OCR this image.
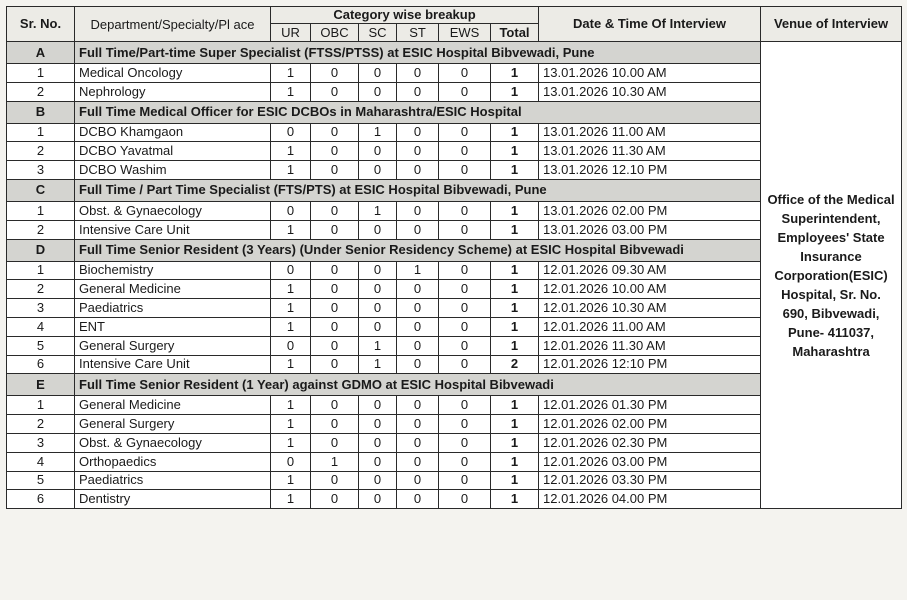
Sr. No.	Department/Specialty/Pl ace	Category wise breakup						Date & Time Of Interview	Venue of Interview
		UR	OBC	SC	ST	EWS	Total		
A	Full Time/Part-time Super Specialist (FTSS/PTSS) at ESIC Hospital Bibvewadi, Pune								Office of the Medical Superintendent, Employees' State Insurance Corporation(ESIC) Hospital, Sr. No. 690, Bibvewadi, Pune- 411037, Maharashtra
1	Medical Oncology	1	0	0	0	0	1	13.01.2026 10.00 AM	
2	Nephrology	1	0	0	0	0	1	13.01.2026 10.30 AM	
B	Full Time Medical Officer for ESIC DCBOs in Maharashtra/ESIC Hospital								
1	DCBO Khamgaon	0	0	1	0	0	1	13.01.2026 11.00 AM	
2	DCBO Yavatmal	1	0	0	0	0	1	13.01.2026 11.30 AM	
3	DCBO Washim	1	0	0	0	0	1	13.01.2026 12.10 PM	
C	Full Time / Part Time Specialist (FTS/PTS) at ESIC Hospital Bibvewadi, Pune								
1	Obst. & Gynaecology	0	0	1	0	0	1	13.01.2026 02.00 PM	
2	Intensive Care Unit	1	0	0	0	0	1	13.01.2026 03.00 PM	
D	Full Time Senior Resident (3 Years) (Under Senior Residency Scheme) at ESIC Hospital Bibvewadi								
1	Biochemistry	0	0	0	1	0	1	12.01.2026 09.30 AM	
2	General Medicine	1	0	0	0	0	1	12.01.2026 10.00 AM	
3	Paediatrics	1	0	0	0	0	1	12.01.2026 10.30 AM	
4	ENT	1	0	0	0	0	1	12.01.2026 11.00 AM	
5	General Surgery	0	0	1	0	0	1	12.01.2026 11.30 AM	
6	Intensive Care Unit	1	0	1	0	0	2	12.01.2026 12:10 PM	
E	Full Time Senior Resident (1 Year) against GDMO at ESIC Hospital Bibvewadi								
1	General Medicine	1	0	0	0	0	1	12.01.2026 01.30 PM	
2	General Surgery	1	0	0	0	0	1	12.01.2026 02.00 PM	
3	Obst. & Gynaecology	1	0	0	0	0	1	12.01.2026 02.30 PM	
4	Orthopaedics	0	1	0	0	0	1	12.01.2026 03.00 PM	
5	Paediatrics	1	0	0	0	0	1	12.01.2026 03.30 PM	
6	Dentistry	1	0	0	0	0	1	12.01.2026 04.00 PM	
